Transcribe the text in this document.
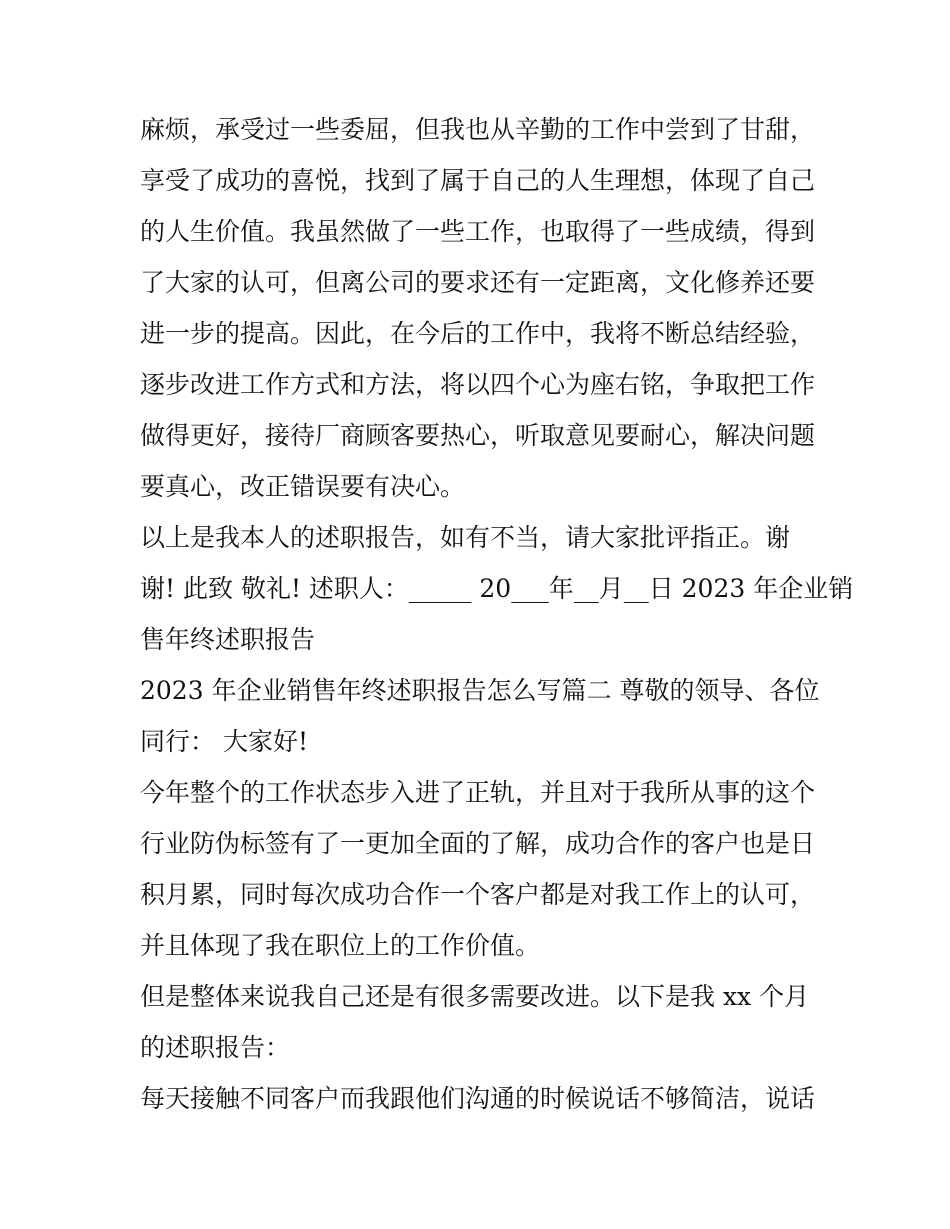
麻烦，承受过一些委屈，但我也从辛勤的工作中尝到了甘甜，
享受了成功的喜悦，找到了属于自己的人生理想，体现了自己
的人生价值。我虽然做了一些工作，也取得了一些成绩，得到
了大家的认可，但离公司的要求还有一定距离，文化修养还要
进一步的提高。因此，在今后的工作中，我将不断总结经验，
逐步改进工作方式和方法，将以四个心为座右铭，争取把工作
做得更好，接待厂商顾客要热心，听取意见要耐心，解决问题
要真心，改正错误要有决心。
以上是我本人的述职报告，如有不当，请大家批评指正。谢
谢! 此致 敬礼! 述职人：_____ 20___年__月__日 2023 年企业销
售年终述职报告
2023 年企业销售年终述职报告怎么写篇二 尊敬的领导、各位
同行： 大家好!
今年整个的工作状态步入进了正轨，并且对于我所从事的这个
行业防伪标签有了一更加全面的了解，成功合作的客户也是日
积月累，同时每次成功合作一个客户都是对我工作上的认可，
并且体现了我在职位上的工作价值。
但是整体来说我自己还是有很多需要改进。以下是我 xx 个月
的述职报告：
每天接触不同客户而我跟他们沟通的时候说话不够简洁，说话
